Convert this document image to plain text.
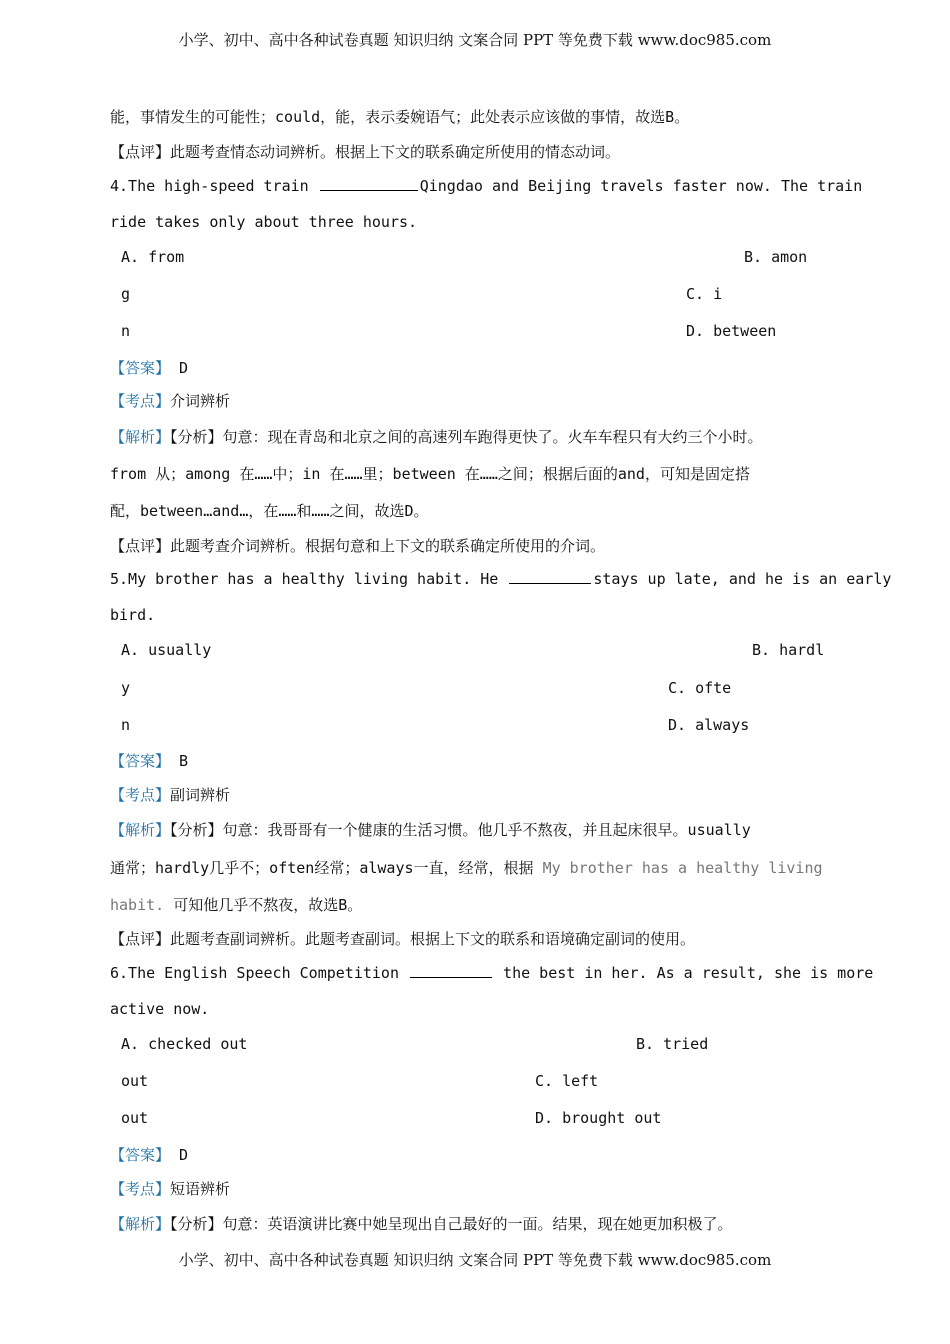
小学、初中、高中各种试卷真题 知识归纳 文案合同 PPT 等免费下载 www.doc985.com
能，事情发生的可能性；could，能，表示委婉语气；此处表示应该做的事情，故选B。
【点评】此题考查情态动词辨析。根据上下文的联系确定所使用的情态动词。
4.The high-speed train	Qingdao and Beijing travels faster now. The train
ride takes only about three hours.
A. from	B. amon
g	C. i
n	D. between
【答案】 D
【考点】介词辨析
【解析】【分析】句意：现在青岛和北京之间的高速列车跑得更快了。火车车程只有大约三个小时。
from 从；among 在……中；in 在……里；between 在……之间；根据后面的and，可知是固定搭
配，between…and…，在……和……之间，故选D。
【点评】此题考查介词辨析。根据句意和上下文的联系确定所使用的介词。
5.My brother has a healthy living habit. He	stays up late, and he is an early
bird.
A. usually	B. hardl
y	C. ofte
n	D. always
【答案】 B
【考点】副词辨析
【解析】【分析】句意：我哥哥有一个健康的生活习惯。他几乎不熬夜，并且起床很早。usually
通常；hardly几乎不；often经常；always一直，经常，根据 My brother has a healthy living
habit. 可知他几乎不熬夜，故选B。
【点评】此题考查副词辨析。此题考查副词。根据上下文的联系和语境确定副词的使用。
6.The English Speech Competition	the best in her. As a result, she is more
active now.
A. checked out	B. tried
out	C. left
out	D. brought out
【答案】 D
【考点】短语辨析
【解析】【分析】句意：英语演讲比赛中她呈现出自己最好的一面。结果，现在她更加积极了。
小学、初中、高中各种试卷真题 知识归纳 文案合同 PPT 等免费下载 www.doc985.com
